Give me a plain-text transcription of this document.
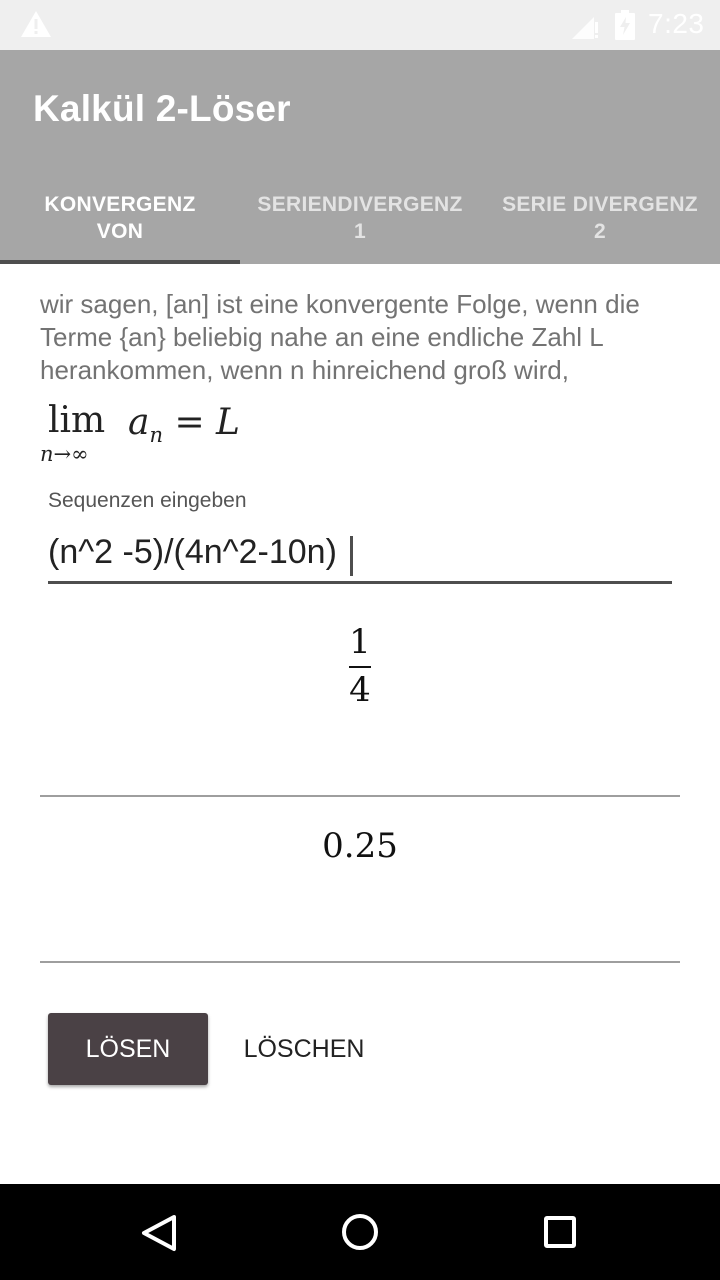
7:23
Kalkül 2-Löser
KONVERGENZ VON
SERIENDIVERGENZ 1
SERIE DIVERGENZ 2

wir sagen, [an] ist eine konvergente Folge, wenn die Terme {an} beliebig nahe an eine endliche Zahl L herankommen, wenn n hinreichend groß wird,

lim
n→∞
$a_n = L$
Sequenzen eingeben
(n^2 -5)/(4n^2-10n)
$\frac{1}{4}$
0.25
LÖSEN	LÖSCHEN
